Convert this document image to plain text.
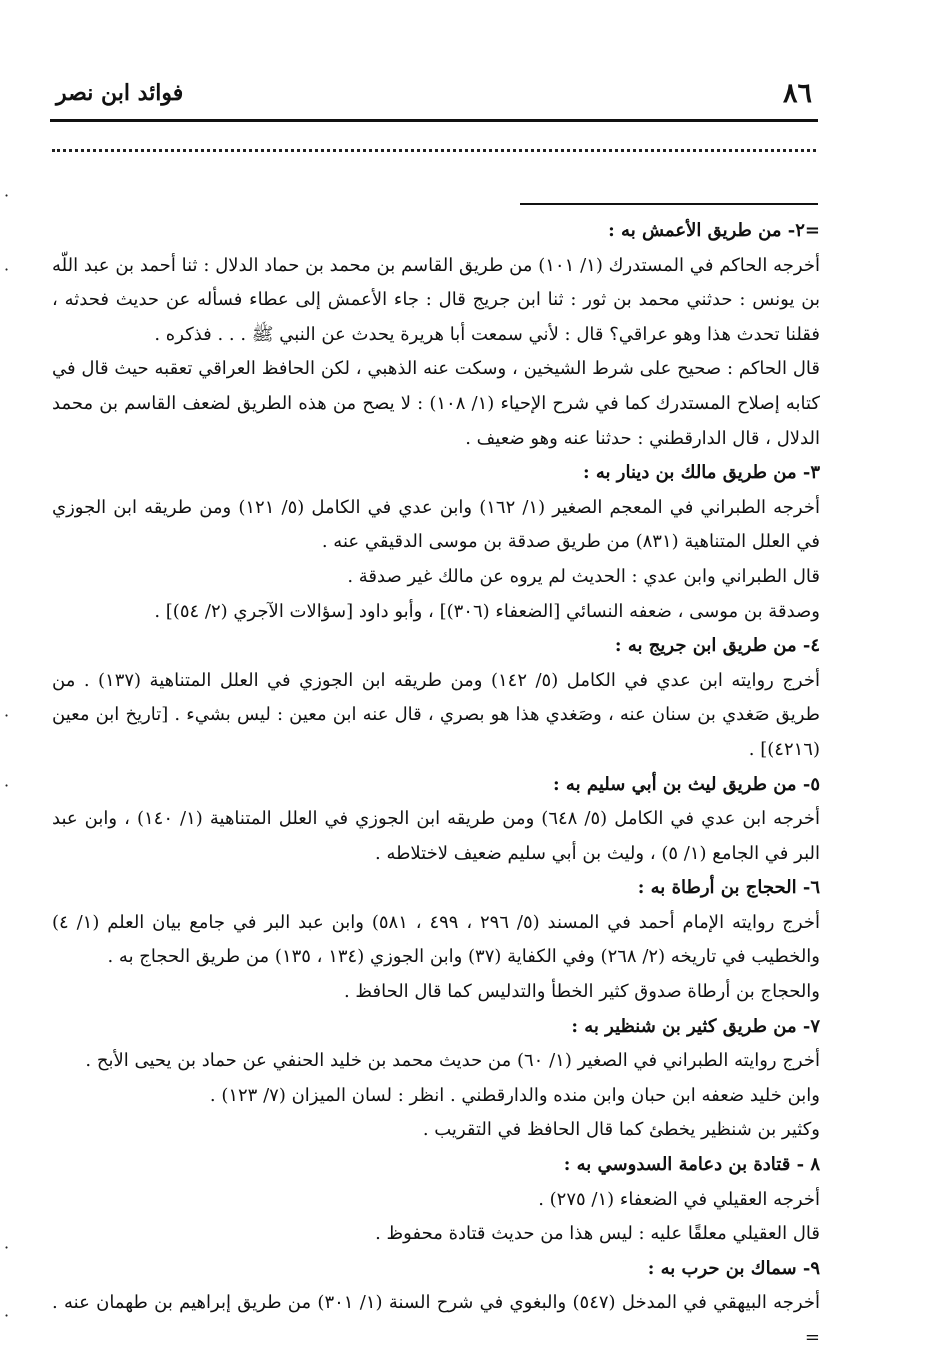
٨٦
فوائد ابن نصر

=٢- من طريق الأعمش به :

أخرجه الحاكم في المستدرك (١/ ١٠١) من طريق القاسم بن محمد بن حماد الدلال : ثنا أحمد بن عبد اللّه بن يونس : حدثني محمد بن ثور : ثنا ابن جريج قال : جاء الأعمش إلى عطاء فسأله عن حديث فحدثه ، فقلنا تحدث هذا وهو عراقي؟ قال : لأني سمعت أبا هريرة يحدث عن النبي ﷺ . . . فذكره .

قال الحاكم : صحيح على شرط الشيخين ، وسكت عنه الذهبي ، لكن الحافظ العراقي تعقبه حيث قال في كتابه إصلاح المستدرك كما في شرح الإحياء (١/ ١٠٨) : لا يصح من هذه الطريق لضعف القاسم بن محمد الدلال ، قال الدارقطني : حدثنا عنه وهو ضعيف .

٣- من طريق مالك بن دينار به :

أخرجه الطبراني في المعجم الصغير (١/ ١٦٢) وابن عدي في الكامل (٥/ ١٢١) ومن طريقه ابن الجوزي في العلل المتناهية (٨٣١) من طريق صدقة بن موسى الدقيقي عنه .

قال الطبراني وابن عدي : الحديث لم يروه عن مالك غير صدقة .

وصدقة بن موسى ، ضعفه النسائي [الضعفاء (٣٠٦)] ، وأبو داود [سؤالات الآجري (٢/ ٥٤)] .

٤- من طريق ابن جريج به :

أخرج روايته ابن عدي في الكامل (٥/ ١٤٢) ومن طريقه ابن الجوزي في العلل المتناهية (١٣٧) . من طريق صَغدي بن سنان عنه ، وصَغدي هذا هو بصري ، قال عنه ابن معين : ليس بشيء . [تاريخ ابن معين (٤٢١٦)] .

٥- من طريق ليث بن أبي سليم به :

أخرجه ابن عدي في الكامل (٥/ ٦٤٨) ومن طريقه ابن الجوزي في العلل المتناهية (١/ ١٤٠) ، وابن عبد البر في الجامع (١/ ٥) ، وليث بن أبي سليم ضعيف لاختلاطه .

٦- الحجاج بن أرطاة به :

أخرج روايته الإمام أحمد في المسند (٥/ ٢٩٦ ، ٤٩٩ ، ٥٨١) وابن عبد البر في جامع بيان العلم (١/ ٤) والخطيب في تاريخه (٢/ ٢٦٨) وفي الكفاية (٣٧) وابن الجوزي (١٣٤ ، ١٣٥) من طريق الحجاج به .

والحجاج بن أرطاة صدوق كثير الخطأ والتدليس كما قال الحافظ .

٧- من طريق كثير بن شنظير به :

أخرج روايته الطبراني في الصغير (١/ ٦٠) من حديث محمد بن خليد الحنفي عن حماد بن يحيى الأبح .

وابن خليد ضعفه ابن حبان وابن منده والدارقطني . انظر : لسان الميزان (٧/ ١٢٣) .

وكثير بن شنظير يخطئ كما قال الحافظ في التقريب .

٨ - قتادة بن دعامة السدوسي به :

أخرجه العقيلي في الضعفاء (١/ ٢٧٥) .

قال العقيلي معلقًا عليه : ليس هذا من حديث قتادة محفوظ .

٩- سماك بن حرب به :

أخرجه البيهقي في المدخل (٥٤٧) والبغوي في شرح السنة (١/ ٣٠١) من طريق إبراهيم بن طهمان عنه . =

·
·
·
·
·
·
